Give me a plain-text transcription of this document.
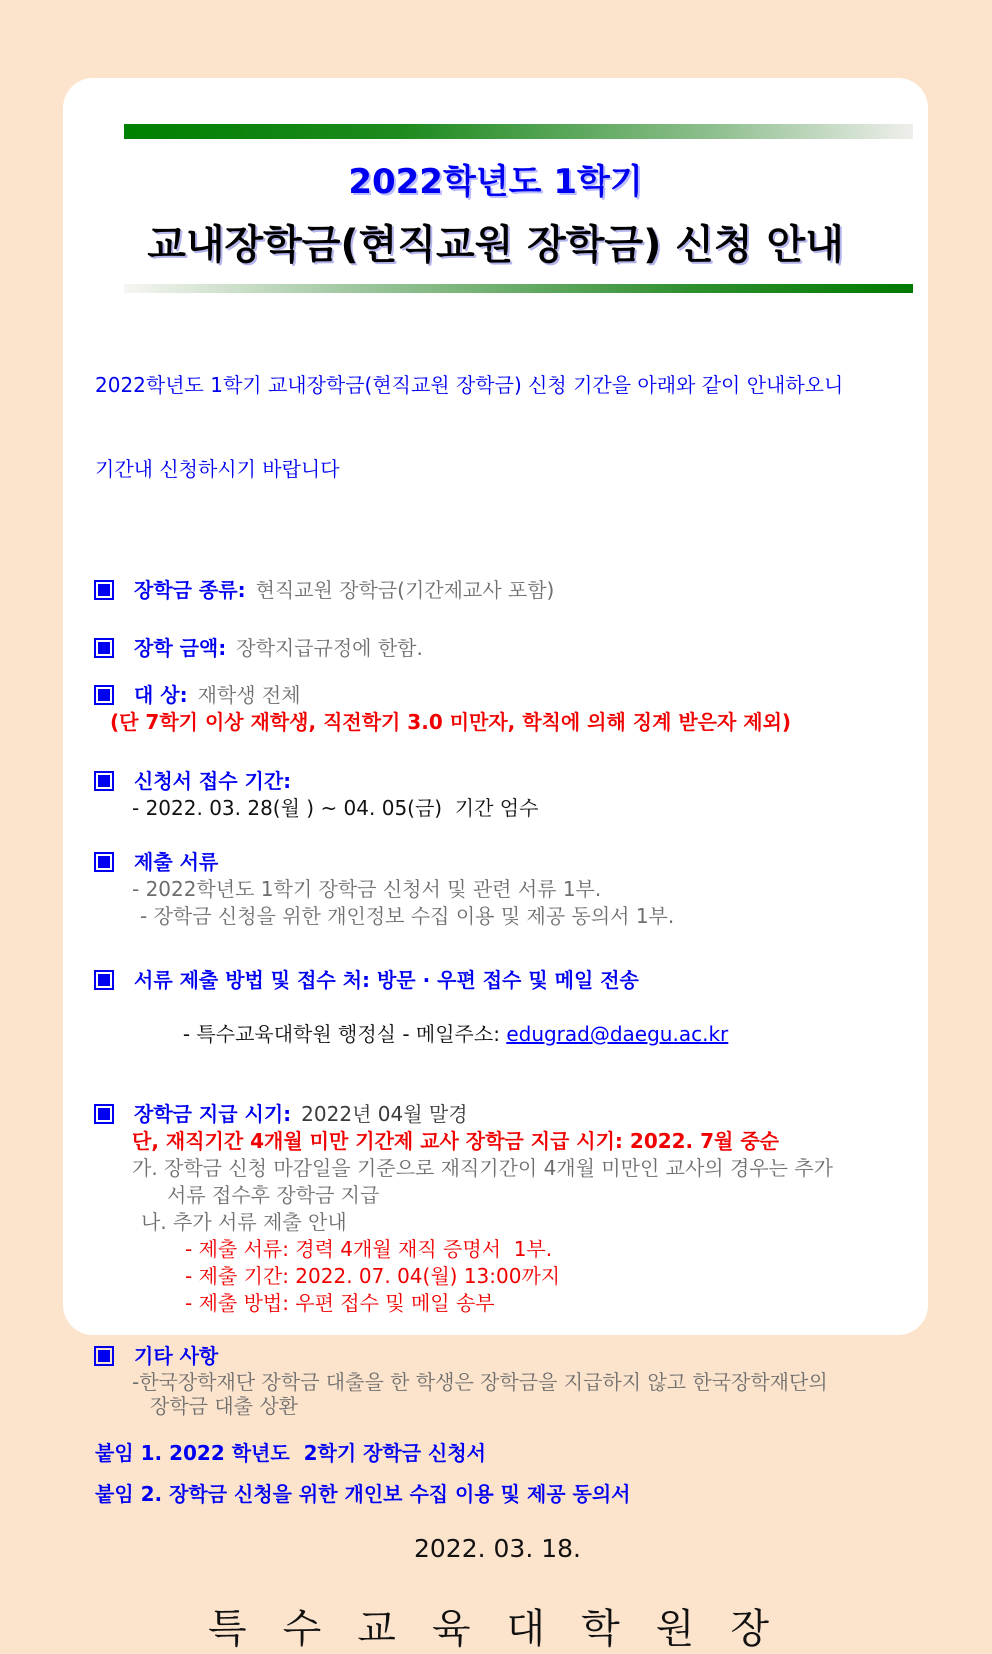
2022학년도 1학기
교내장학금(현직교원 장학금) 신청 안내

2022학년도 1학기 교내장학금(현직교원 장학금) 신청 기간을 아래와 같이 안내하오니

기간내 신청하시기 바랍니다

장학금 종류: 현직교원 장학금(기간제교사 포함)
장학 금액: 장학지급규정에 한함.
대 상: 재학생 전체
(단 7학기 이상 재학생, 직전학기 3.0 미만자, 학칙에 의해 징계 받은자 제외)
신청서 접수 기간:
- 2022. 03. 28(월 ) ~ 04. 05(금)  기간 엄수
제출 서류
- 2022학년도 1학기 장학금 신청서 및 관련 서류 1부.
- 장학금 신청을 위한 개인정보 수집 이용 및 제공 동의서 1부.
서류 제출 방법 및 접수 처: 방문 · 우편 접수 및 메일 전송

- 특수교육대학원 행정실 - 메일주소: edugrad@daegu.ac.kr

장학금 지급 시기: 2022년 04월 말경
단, 재직기간 4개월 미만 기간제 교사 장학금 지급 시기: 2022. 7월 중순
가. 장학금 신청 마감일을 기준으로 재직기간이 4개월 미만인 교사의 경우는 추가
서류 접수후 장학금 지급
나. 추가 서류 제출 안내
- 제출 서류: 경력 4개월 재직 증명서  1부.
- 제출 기간: 2022. 07. 04(월) 13:00까지
- 제출 방법: 우편 접수 및 메일 송부
기타 사항
-한국장학재단 장학금 대출을 한 학생은 장학금을 지급하지 않고 한국장학재단의
장학금 대출 상환
붙임 1. 2022 학년도  2학기 장학금 신청서
붙임 2. 장학금 신청을 위한 개인보 수집 이용 및 제공 동의서
2022. 03. 18.
특수교육대학원장
